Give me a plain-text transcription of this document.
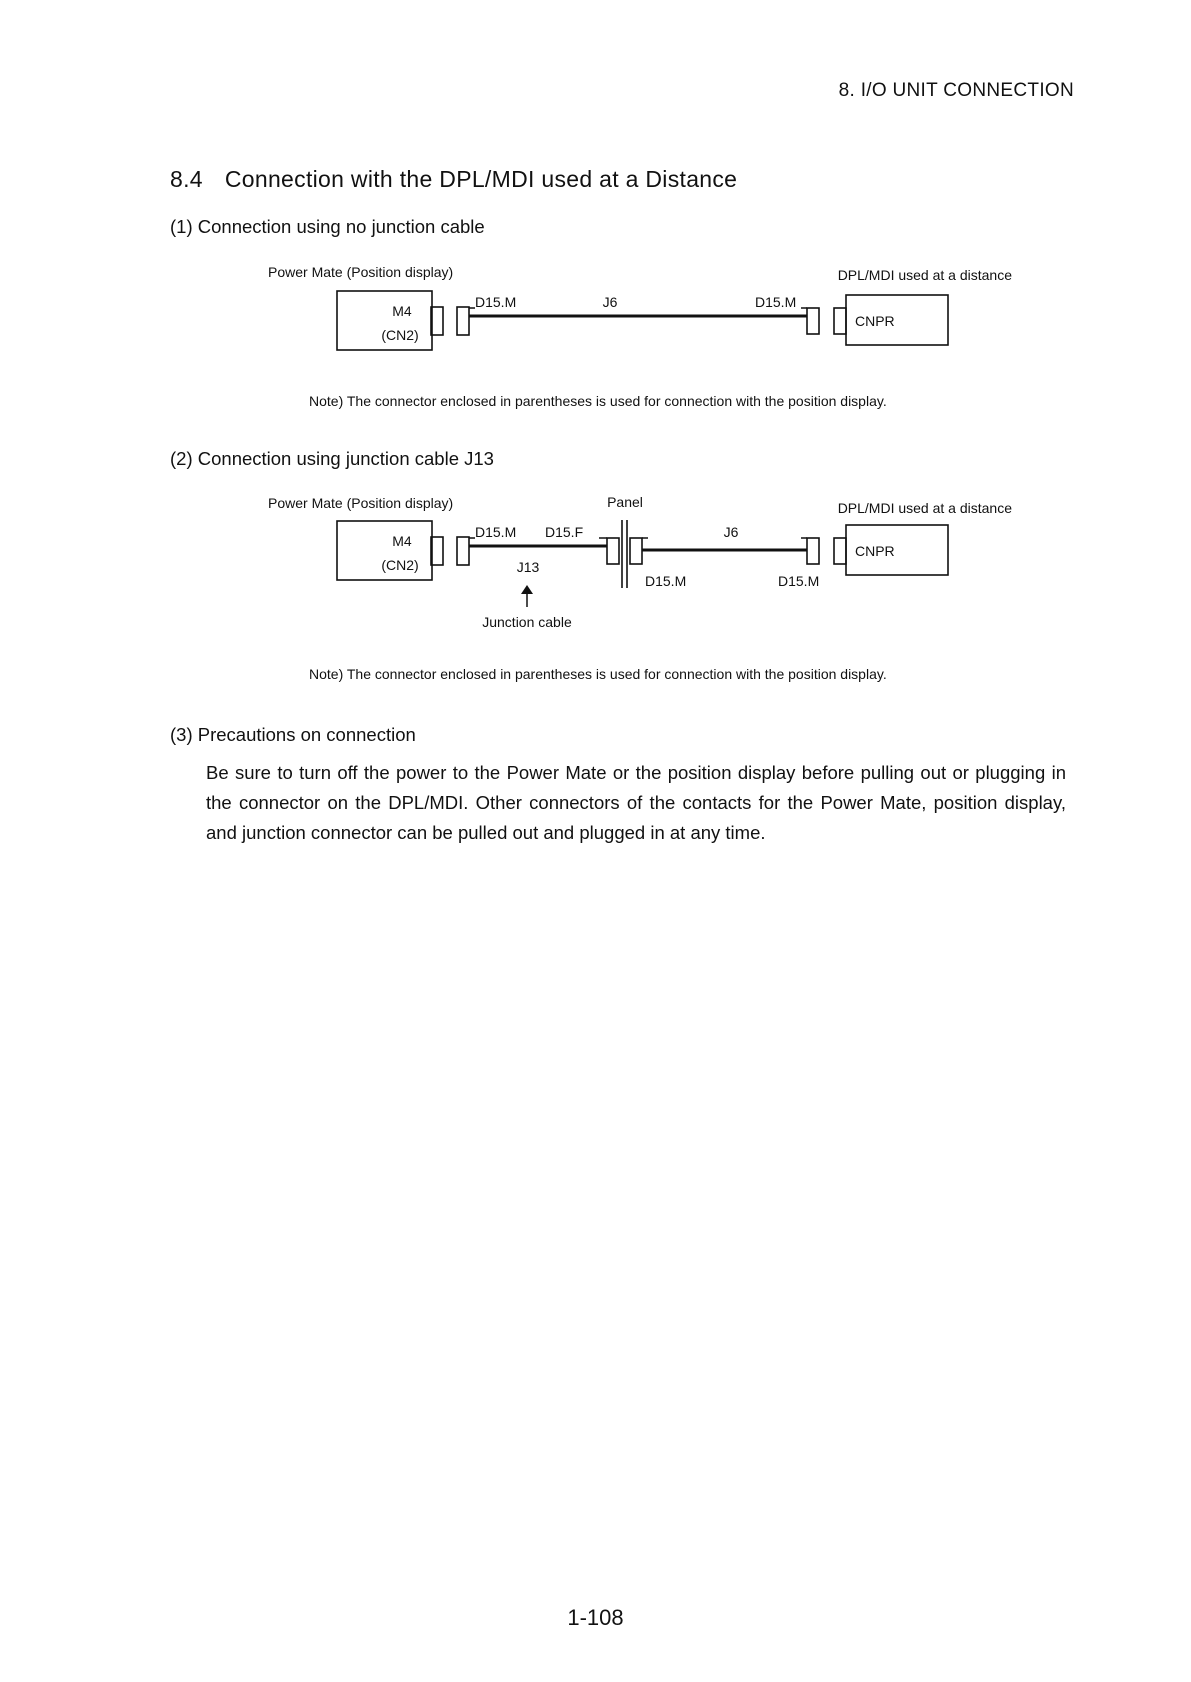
8. I/O UNIT CONNECTION
8.4 Connection with the DPL/MDI used at a Distance
(1) Connection using no junction cable
Power Mate (Position display)	DPL/MDI used at a distance
M4
(CN2)
D15.M	J6	D15.M
CNPR
Note) The connector enclosed in parentheses is used for connection with the position display.
(2) Connection using junction cable J13
Power Mate (Position display)	Panel	DPL/MDI used at a distance
M4
(CN2)
D15.M D15.F
J13
J6
D15.M	D15.M
CNPR
Junction cable
Note) The connector enclosed in parentheses is used for connection with the position display.
(3) Precautions on connection
Be sure to turn off the power to the Power Mate or the position display before pulling out or plugging in the connector on the DPL/MDI. Other connectors of the contacts for the Power Mate, position display, and junction connector can be pulled out and plugged in at any time.
1-108
